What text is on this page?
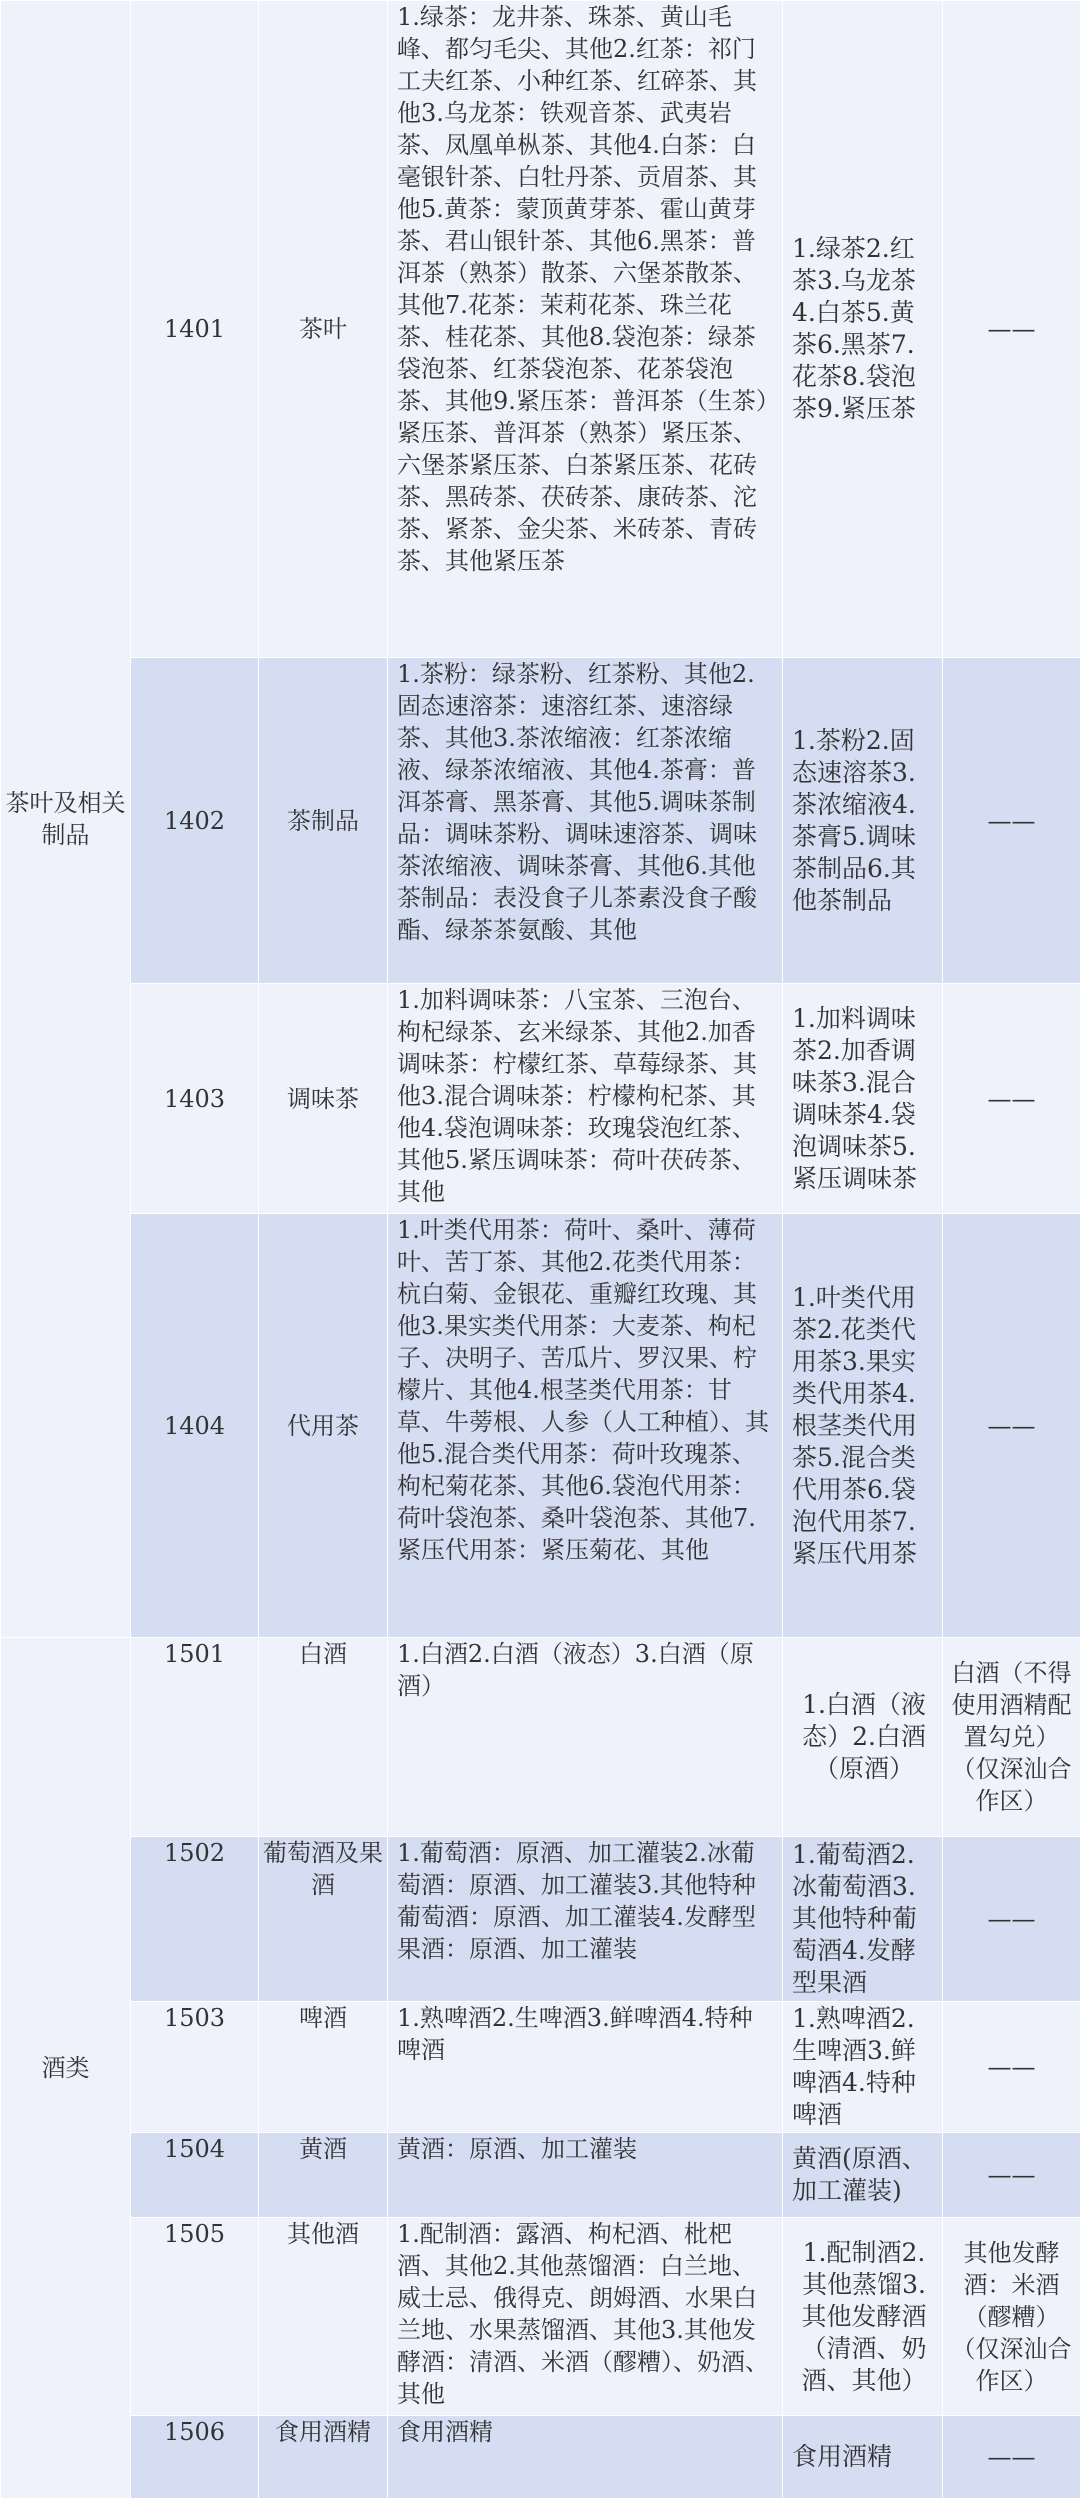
茶叶及相关制品	1401	茶叶	1.绿茶：龙井茶、珠茶、黄山毛峰、都匀毛尖、其他2.红茶：祁门工夫红茶、小种红茶、红碎茶、其他3.乌龙茶：铁观音茶、武夷岩茶、凤凰单枞茶、其他4.白茶：白毫银针茶、白牡丹茶、贡眉茶、其他5.黄茶：蒙顶黄芽茶、霍山黄芽茶、君山银针茶、其他6.黑茶：普洱茶（熟茶）散茶、六堡茶散茶、其他7.花茶：茉莉花茶、珠兰花茶、桂花茶、其他8.袋泡茶：绿茶袋泡茶、红茶袋泡茶、花茶袋泡茶、其他9.紧压茶：普洱茶（生茶）紧压茶、普洱茶（熟茶）紧压茶、六堡茶紧压茶、白茶紧压茶、花砖茶、黑砖茶、茯砖茶、康砖茶、沱茶、紧茶、金尖茶、米砖茶、青砖茶、其他紧压茶	1.绿茶2.红茶3.乌龙茶4.白茶5.黄茶6.黑茶7.花茶8.袋泡茶9.紧压茶	——
	1402	茶制品	1.茶粉：绿茶粉、红茶粉、其他2.固态速溶茶：速溶红茶、速溶绿茶、其他3.茶浓缩液：红茶浓缩液、绿茶浓缩液、其他4.茶膏：普洱茶膏、黑茶膏、其他5.调味茶制品：调味茶粉、调味速溶茶、调味茶浓缩液、调味茶膏、其他6.其他茶制品：表没食子儿茶素没食子酸酯、绿茶茶氨酸、其他	1.茶粉2.固态速溶茶3.茶浓缩液4.茶膏5.调味茶制品6.其他茶制品	——
	1403	调味茶	1.加料调味茶：八宝茶、三泡台、枸杞绿茶、玄米绿茶、其他2.加香调味茶：柠檬红茶、草莓绿茶、其他3.混合调味茶：柠檬枸杞茶、其他4.袋泡调味茶：玫瑰袋泡红茶、其他5.紧压调味茶：荷叶茯砖茶、其他	1.加料调味茶2.加香调味茶3.混合调味茶4.袋泡调味茶5.紧压调味茶	——
	1404	代用茶	1.叶类代用茶：荷叶、桑叶、薄荷叶、苦丁茶、其他2.花类代用茶：杭白菊、金银花、重瓣红玫瑰、其他3.果实类代用茶：大麦茶、枸杞子、决明子、苦瓜片、罗汉果、柠檬片、其他4.根茎类代用茶：甘草、牛蒡根、人参（人工种植）、其他5.混合类代用茶：荷叶玫瑰茶、枸杞菊花茶、其他6.袋泡代用茶：荷叶袋泡茶、桑叶袋泡茶、其他7.紧压代用茶：紧压菊花、其他	1.叶类代用茶2.花类代用茶3.果实类代用茶4.根茎类代用茶5.混合类代用茶6.袋泡代用茶7.紧压代用茶	——
酒类	1501	白酒	1.白酒2.白酒（液态）3.白酒（原酒）	1.白酒（液态）2.白酒（原酒）	白酒（不得使用酒精配置勾兑）（仅深汕合作区）
	1502	葡萄酒及果酒	1.葡萄酒：原酒、加工灌装2.冰葡萄酒：原酒、加工灌装3.其他特种葡萄酒：原酒、加工灌装4.发酵型果酒：原酒、加工灌装	1.葡萄酒2.冰葡萄酒3.其他特种葡萄酒4.发酵型果酒	——
	1503	啤酒	1.熟啤酒2.生啤酒3.鲜啤酒4.特种啤酒	1.熟啤酒2.生啤酒3.鲜啤酒4.特种啤酒	——
	1504	黄酒	黄酒：原酒、加工灌装	黄酒(原酒、加工灌装)	——
	1505	其他酒	1.配制酒：露酒、枸杞酒、枇杷酒、其他2.其他蒸馏酒：白兰地、威士忌、俄得克、朗姆酒、水果白兰地、水果蒸馏酒、其他3.其他发酵酒：清酒、米酒（醪糟）、奶酒、其他	1.配制酒2.其他蒸馏3.其他发酵酒（清酒、奶酒、其他）	其他发酵酒：米酒（醪糟）（仅深汕合作区）
	1506	食用酒精	食用酒精	食用酒精	——
